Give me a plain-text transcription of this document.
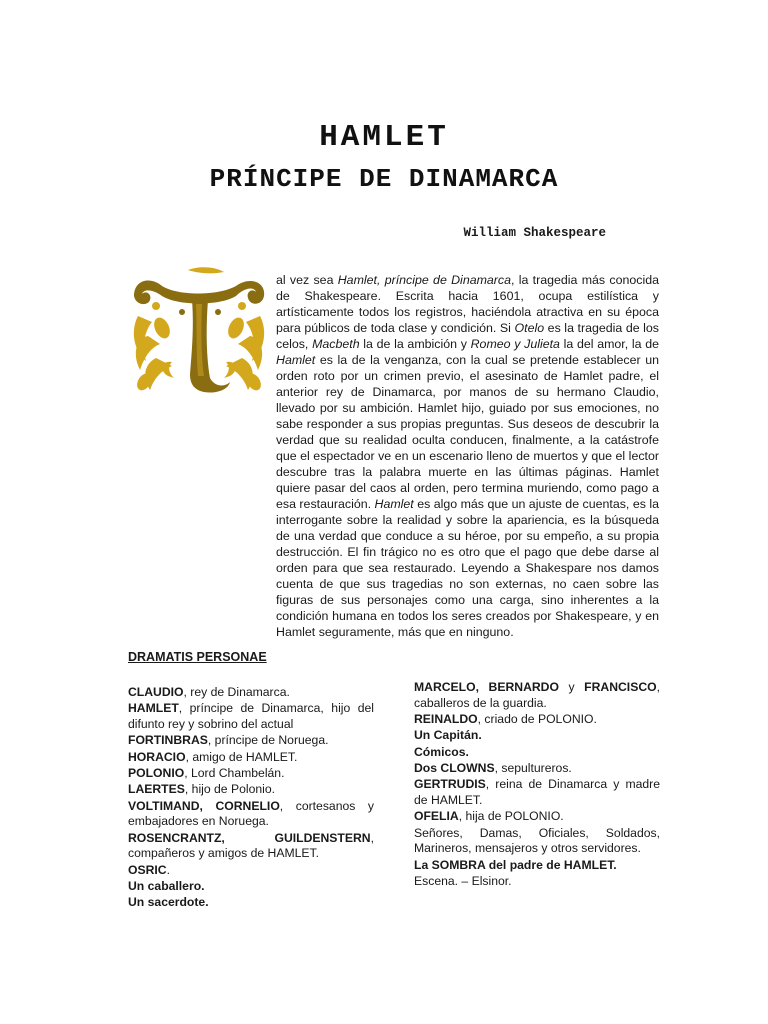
HAMLET
PRÍNCIPE DE DINAMARCA
William Shakespeare

al vez sea Hamlet, príncipe de Dinamarca, la tragedia más conocida de Shakespeare. Escrita hacia 1601, ocupa estilística y artísticamente todos los registros, haciéndola atractiva en su época para públicos de toda clase y condición. Si Otelo es la tragedia de los celos, Macbeth la de la ambición y Romeo y Julieta la del amor, la de Hamlet es la de la venganza, con la cual se pretende establecer un orden roto por un crimen previo, el asesinato de Hamlet padre, el anterior rey de Dinamarca, por manos de su hermano Claudio, llevado por su ambición. Hamlet hijo, guiado por sus emociones, no sabe responder a sus propias preguntas. Sus deseos de descubrir la verdad que su realidad oculta conducen, finalmente, a la catástrofe que el espectador ve en un escenario lleno de muertos y que el lector descubre tras la palabra muerte en las últimas páginas. Hamlet quiere pasar del caos al orden, pero termina muriendo, como pago a esa restauración. Hamlet es algo más que un ajuste de cuentas, es la interrogante sobre la realidad y sobre la apariencia, es la búsqueda de una verdad que conduce a su héroe, por su empeño, a su propia destrucción. El fin trágico no es otro que el pago que debe darse al orden para que sea restaurado. Leyendo a Shakespare nos damos cuenta de que sus tragedias no son externas, no caen sobre las figuras de sus personajes como una carga, sino inherentes a la condición humana en todos los seres creados por Shakespeare, y en Hamlet seguramente, más que en ninguno.

DRAMATIS PERSONAE

CLAUDIO, rey de Dinamarca.

HAMLET, príncipe de Dinamarca, hijo del difunto rey y sobrino del actual

FORTINBRAS, príncipe de Noruega.

HORACIO, amigo de HAMLET.

POLONIO, Lord Chambelán.

LAERTES, hijo de Polonio.

VOLTIMAND, CORNELIO, cortesanos y embajadores en Noruega.

ROSENCRANTZ, GUILDENSTERN, compañeros y amigos de HAMLET.

OSRIC.

Un caballero.

Un sacerdote.

MARCELO, BERNARDO y FRANCISCO, caballeros de la guardia.

REINALDO, criado de POLONIO.

Un Capitán.

Cómicos.

Dos CLOWNS, sepultureros.

GERTRUDIS, reina de Dinamarca y madre de HAMLET.

OFELIA, hija de POLONIO.

Señores, Damas, Oficiales, Soldados, Marineros, mensajeros y otros servidores.

La SOMBRA del padre de HAMLET.

Escena. – Elsinor.
